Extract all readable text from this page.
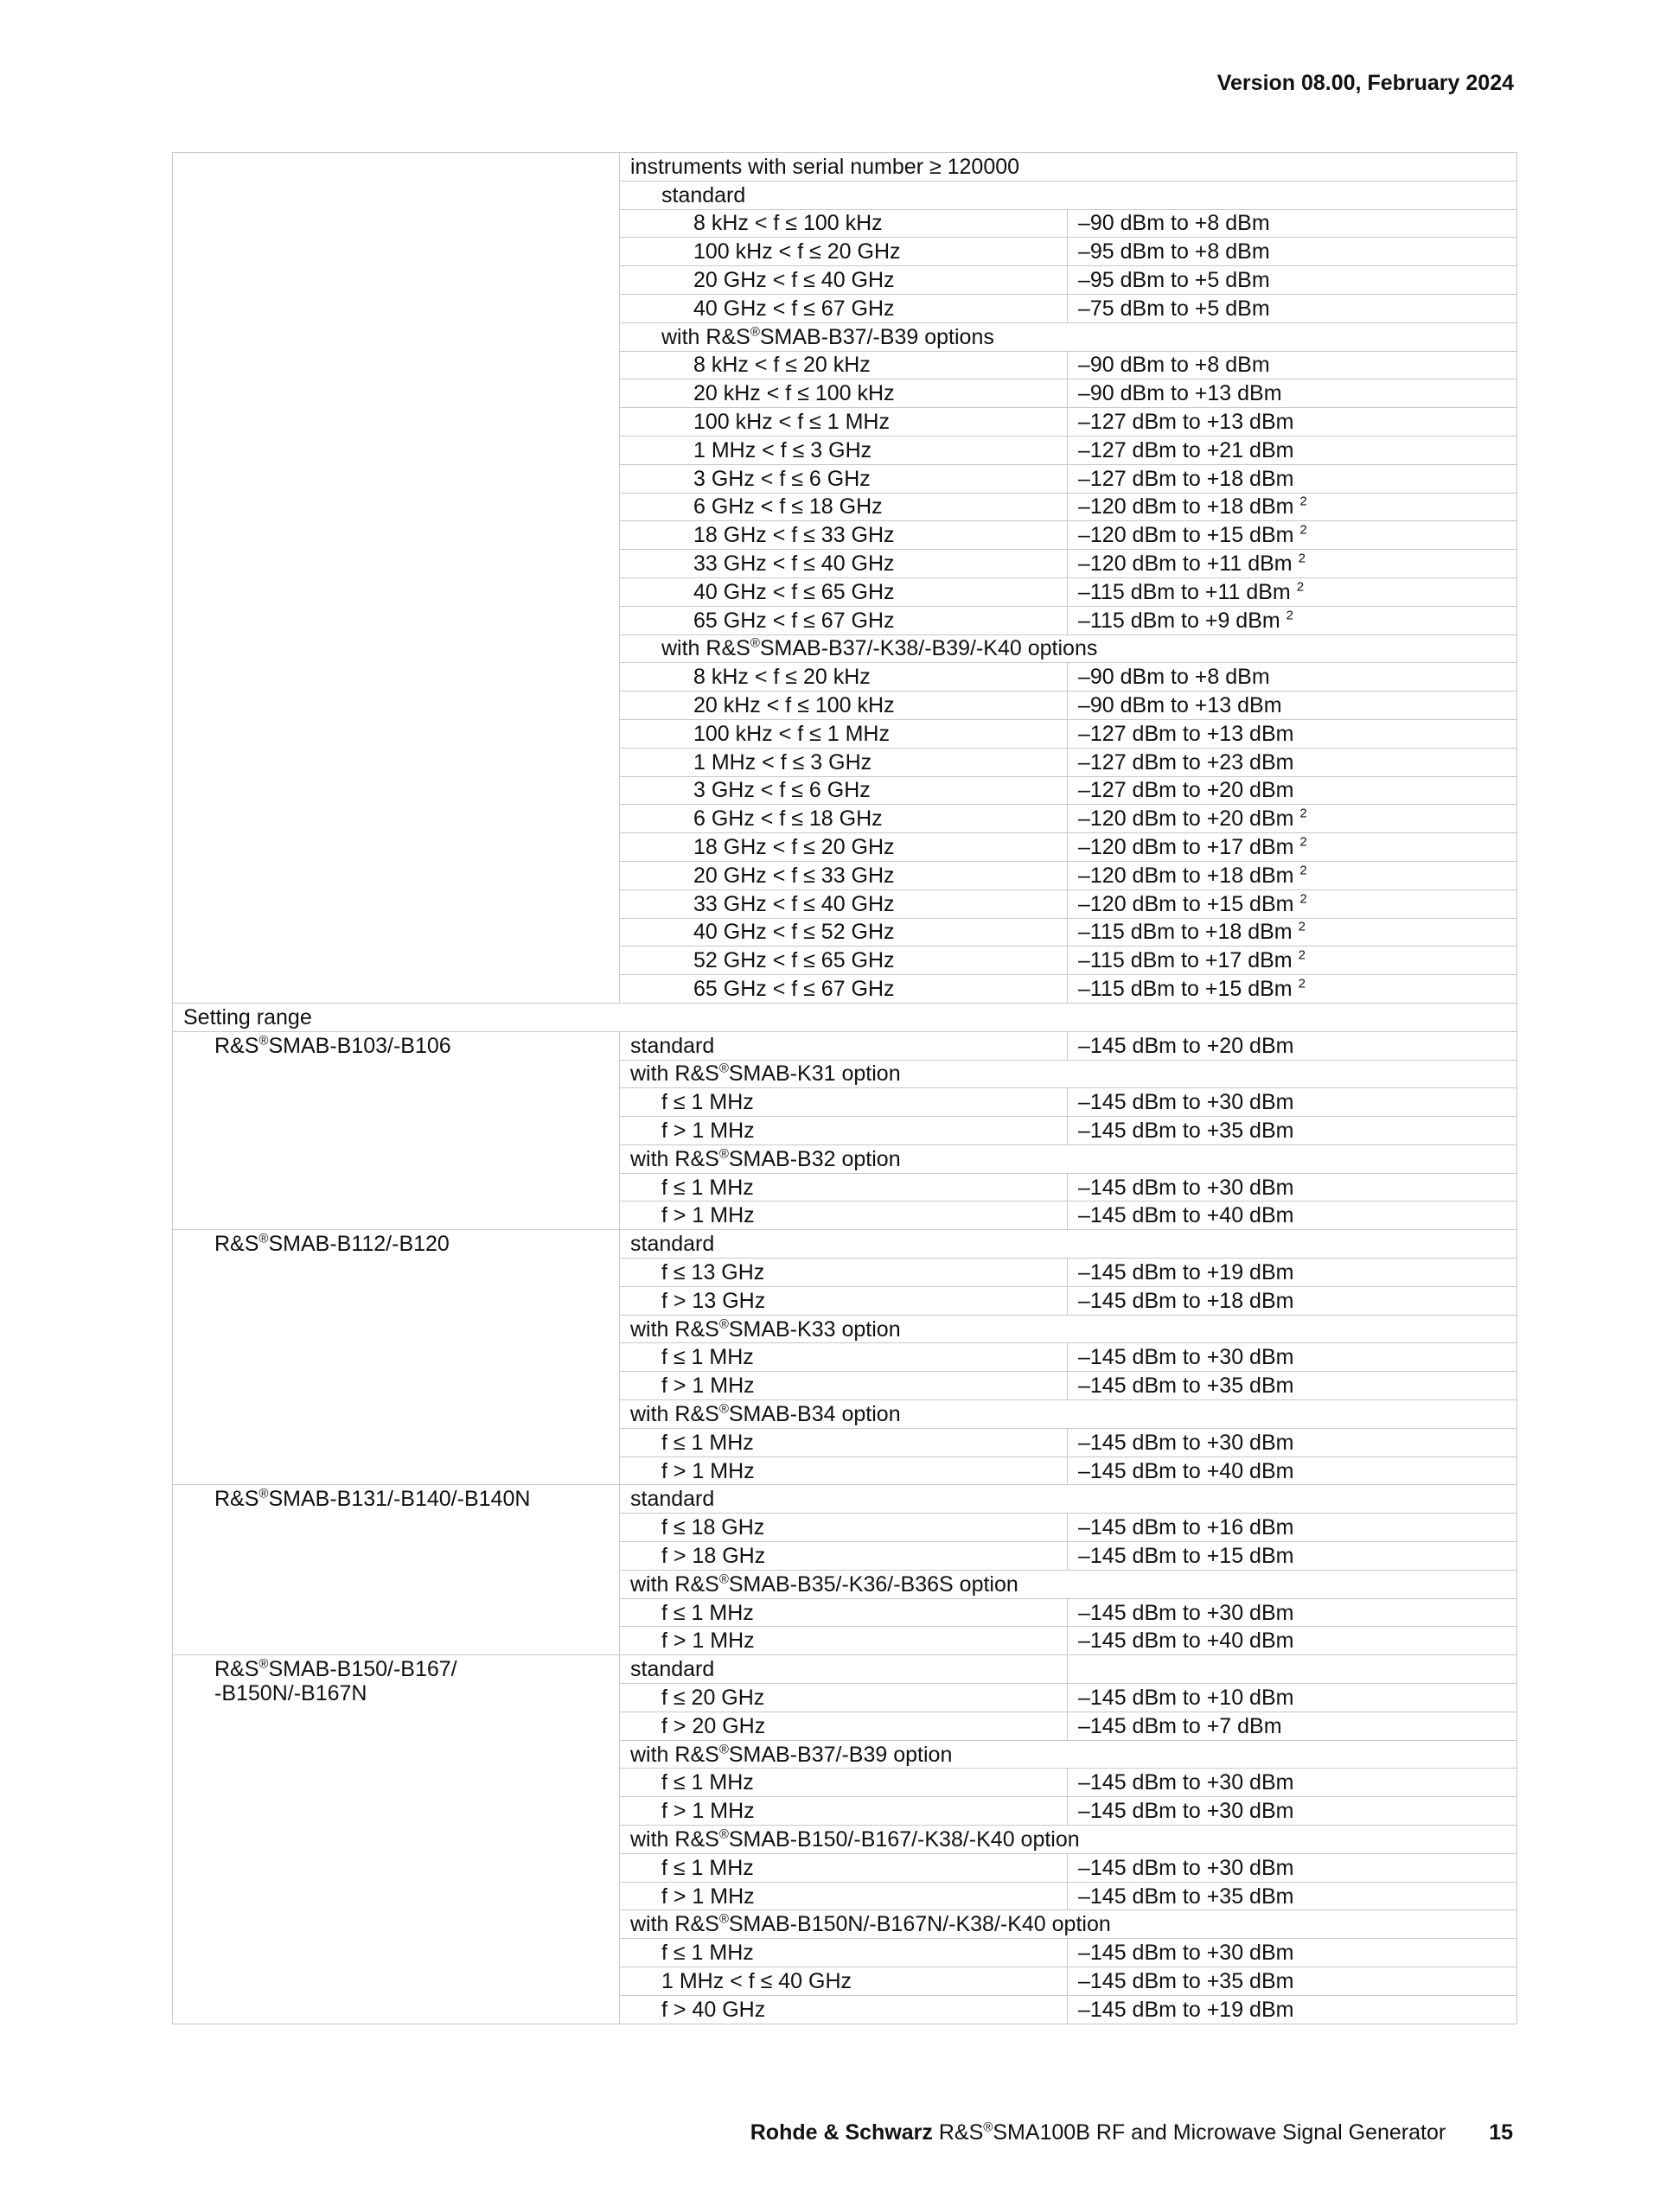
Version 08.00, February 2024
	instruments with serial number ≥ 120000	
	standard	
	8 kHz < f ≤ 100 kHz	–90 dBm to +8 dBm
	100 kHz < f ≤ 20 GHz	–95 dBm to +8 dBm
	20 GHz < f ≤ 40 GHz	–95 dBm to +5 dBm
	40 GHz < f ≤ 67 GHz	–75 dBm to +5 dBm
	with R&S®SMAB-B37/-B39 options	
	8 kHz < f ≤ 20 kHz	–90 dBm to +8 dBm
	20 kHz < f ≤ 100 kHz	–90 dBm to +13 dBm
	100 kHz < f ≤ 1 MHz	–127 dBm to +13 dBm
	1 MHz < f ≤ 3 GHz	–127 dBm to +21 dBm
	3 GHz < f ≤ 6 GHz	–127 dBm to +18 dBm
	6 GHz < f ≤ 18 GHz	–120 dBm to +18 dBm $^2$
	18 GHz < f ≤ 33 GHz	–120 dBm to +15 dBm $^2$
	33 GHz < f ≤ 40 GHz	–120 dBm to +11 dBm $^2$
	40 GHz < f ≤ 65 GHz	–115 dBm to +11 dBm $^2$
	65 GHz < f ≤ 67 GHz	–115 dBm to +9 dBm $^2$
	with R&S®SMAB-B37/-K38/-B39/-K40 options	
	8 kHz < f ≤ 20 kHz	–90 dBm to +8 dBm
	20 kHz < f ≤ 100 kHz	–90 dBm to +13 dBm
	100 kHz < f ≤ 1 MHz	–127 dBm to +13 dBm
	1 MHz < f ≤ 3 GHz	–127 dBm to +23 dBm
	3 GHz < f ≤ 6 GHz	–127 dBm to +20 dBm
	6 GHz < f ≤ 18 GHz	–120 dBm to +20 dBm $^2$
	18 GHz < f ≤ 20 GHz	–120 dBm to +17 dBm $^2$
	20 GHz < f ≤ 33 GHz	–120 dBm to +18 dBm $^2$
	33 GHz < f ≤ 40 GHz	–120 dBm to +15 dBm $^2$
	40 GHz < f ≤ 52 GHz	–115 dBm to +18 dBm $^2$
	52 GHz < f ≤ 65 GHz	–115 dBm to +17 dBm $^2$
	65 GHz < f ≤ 67 GHz	–115 dBm to +15 dBm $^2$
Setting range		

R&S®SMAB-B103/-B106	standard	–145 dBm to +20 dBm
	with R&S®SMAB-K31 option	
	f ≤ 1 MHz	–145 dBm to +30 dBm
	f > 1 MHz	–145 dBm to +35 dBm
	with R&S®SMAB-B32 option	
	f ≤ 1 MHz	–145 dBm to +30 dBm
	f > 1 MHz	–145 dBm to +40 dBm

R&S®SMAB-B112/-B120	standard	
	f ≤ 13 GHz	–145 dBm to +19 dBm
	f > 13 GHz	–145 dBm to +18 dBm
	with R&S®SMAB-K33 option	
	f ≤ 1 MHz	–145 dBm to +30 dBm
	f > 1 MHz	–145 dBm to +35 dBm
	with R&S®SMAB-B34 option	
	f ≤ 1 MHz	–145 dBm to +30 dBm
	f > 1 MHz	–145 dBm to +40 dBm

R&S®SMAB-B131/-B140/-B140N	standard	
	f ≤ 18 GHz	–145 dBm to +16 dBm
	f > 18 GHz	–145 dBm to +15 dBm
	with R&S®SMAB-B35/-K36/-B36S option	
	f ≤ 1 MHz	–145 dBm to +30 dBm
	f > 1 MHz	–145 dBm to +40 dBm

R&S®SMAB-B150/-B167/
-B150N/-B167N	standard	
	f ≤ 20 GHz	–145 dBm to +10 dBm
	f > 20 GHz	–145 dBm to +7 dBm
	with R&S®SMAB-B37/-B39 option	
	f ≤ 1 MHz	–145 dBm to +30 dBm
	f > 1 MHz	–145 dBm to +30 dBm
	with R&S®SMAB-B150/-B167/-K38/-K40 option	
	f ≤ 1 MHz	–145 dBm to +30 dBm
	f > 1 MHz	–145 dBm to +35 dBm
	with R&S®SMAB-B150N/-B167N/-K38/-K40 option	
	f ≤ 1 MHz	–145 dBm to +30 dBm
	1 MHz < f ≤ 40 GHz	–145 dBm to +35 dBm
	f > 40 GHz	–145 dBm to +19 dBm
Rohde & Schwarz R&S®SMA100B RF and Microwave Signal Generator 15
